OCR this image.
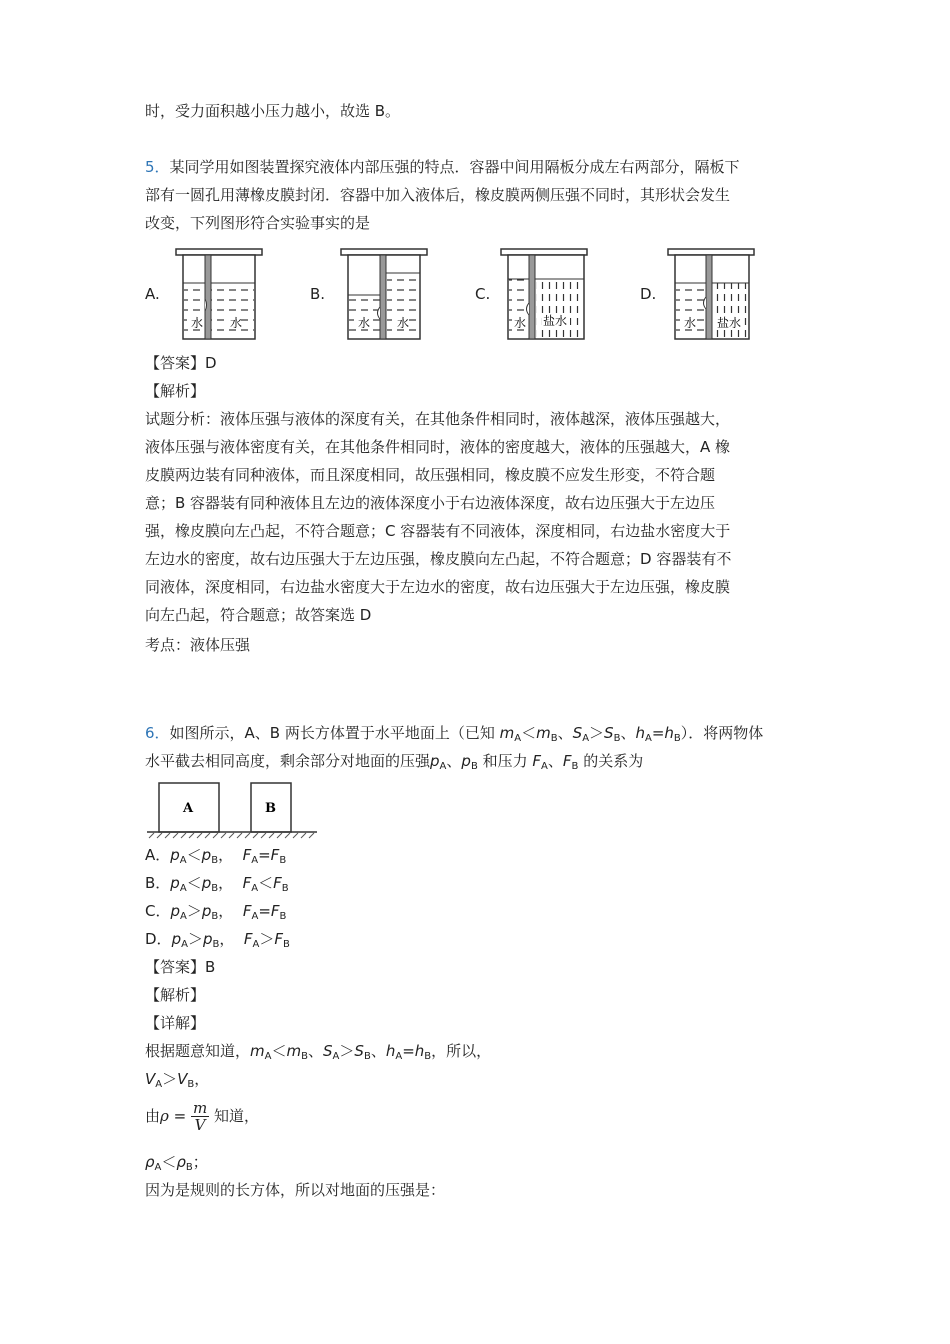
时，受力面积越小压力越小，故选 B。
5．某同学用如图装置探究液体内部压强的特点．容器中间用隔板分成左右两部分，隔板下
部有一圆孔用薄橡皮膜封闭．容器中加入液体后，橡皮膜两侧压强不同时，其形状会发生
改变，下列图形符合实验事实的是
A.	B.	C.	D.
水 水	水 水	水 盐水	水 盐水
【答案】D
【解析】
试题分析：液体压强与液体的深度有关，在其他条件相同时，液体越深，液体压强越大，
液体压强与液体密度有关，在其他条件相同时，液体的密度越大，液体的压强越大，A 橡
皮膜两边装有同种液体，而且深度相同，故压强相同，橡皮膜不应发生形变，不符合题
意；B 容器装有同种液体且左边的液体深度小于右边液体深度，故右边压强大于左边压
强，橡皮膜向左凸起，不符合题意；C 容器装有不同液体，深度相同，右边盐水密度大于
左边水的密度，故右边压强大于左边压强，橡皮膜向左凸起，不符合题意；D 容器装有不
同液体，深度相同，右边盐水密度大于左边水的密度，故右边压强大于左边压强，橡皮膜
向左凸起，符合题意；故答案选 D
考点：液体压强
6．如图所示，A、B 两长方体置于水平地面上（已知 $m_A<m_B$、$S_A>S_B$、$h_A=h_B$）．将两物体
水平截去相同高度，剩余部分对地面的压强$p_A$、$p_B$ 和压力 $F_A$、$F_B$ 的关系为
A	B
A．$p_A<p_B$，  $F_A=F_B$
B．$p_A<p_B$，  $F_A<F_B$
C．$p_A>p_B$，  $F_A=F_B$
D．$p_A>p_B$，  $F_A>F_B$
【答案】B
【解析】
【详解】
根据题意知道，$m_A<m_B$、$S_A>S_B$、$h_A=h_B$，所以，
$V_A>V_B$，
由$\rho = \frac{m}{V}$ 知道，
$\rho_A<\rho_B$；
因为是规则的长方体，所以对地面的压强是：
